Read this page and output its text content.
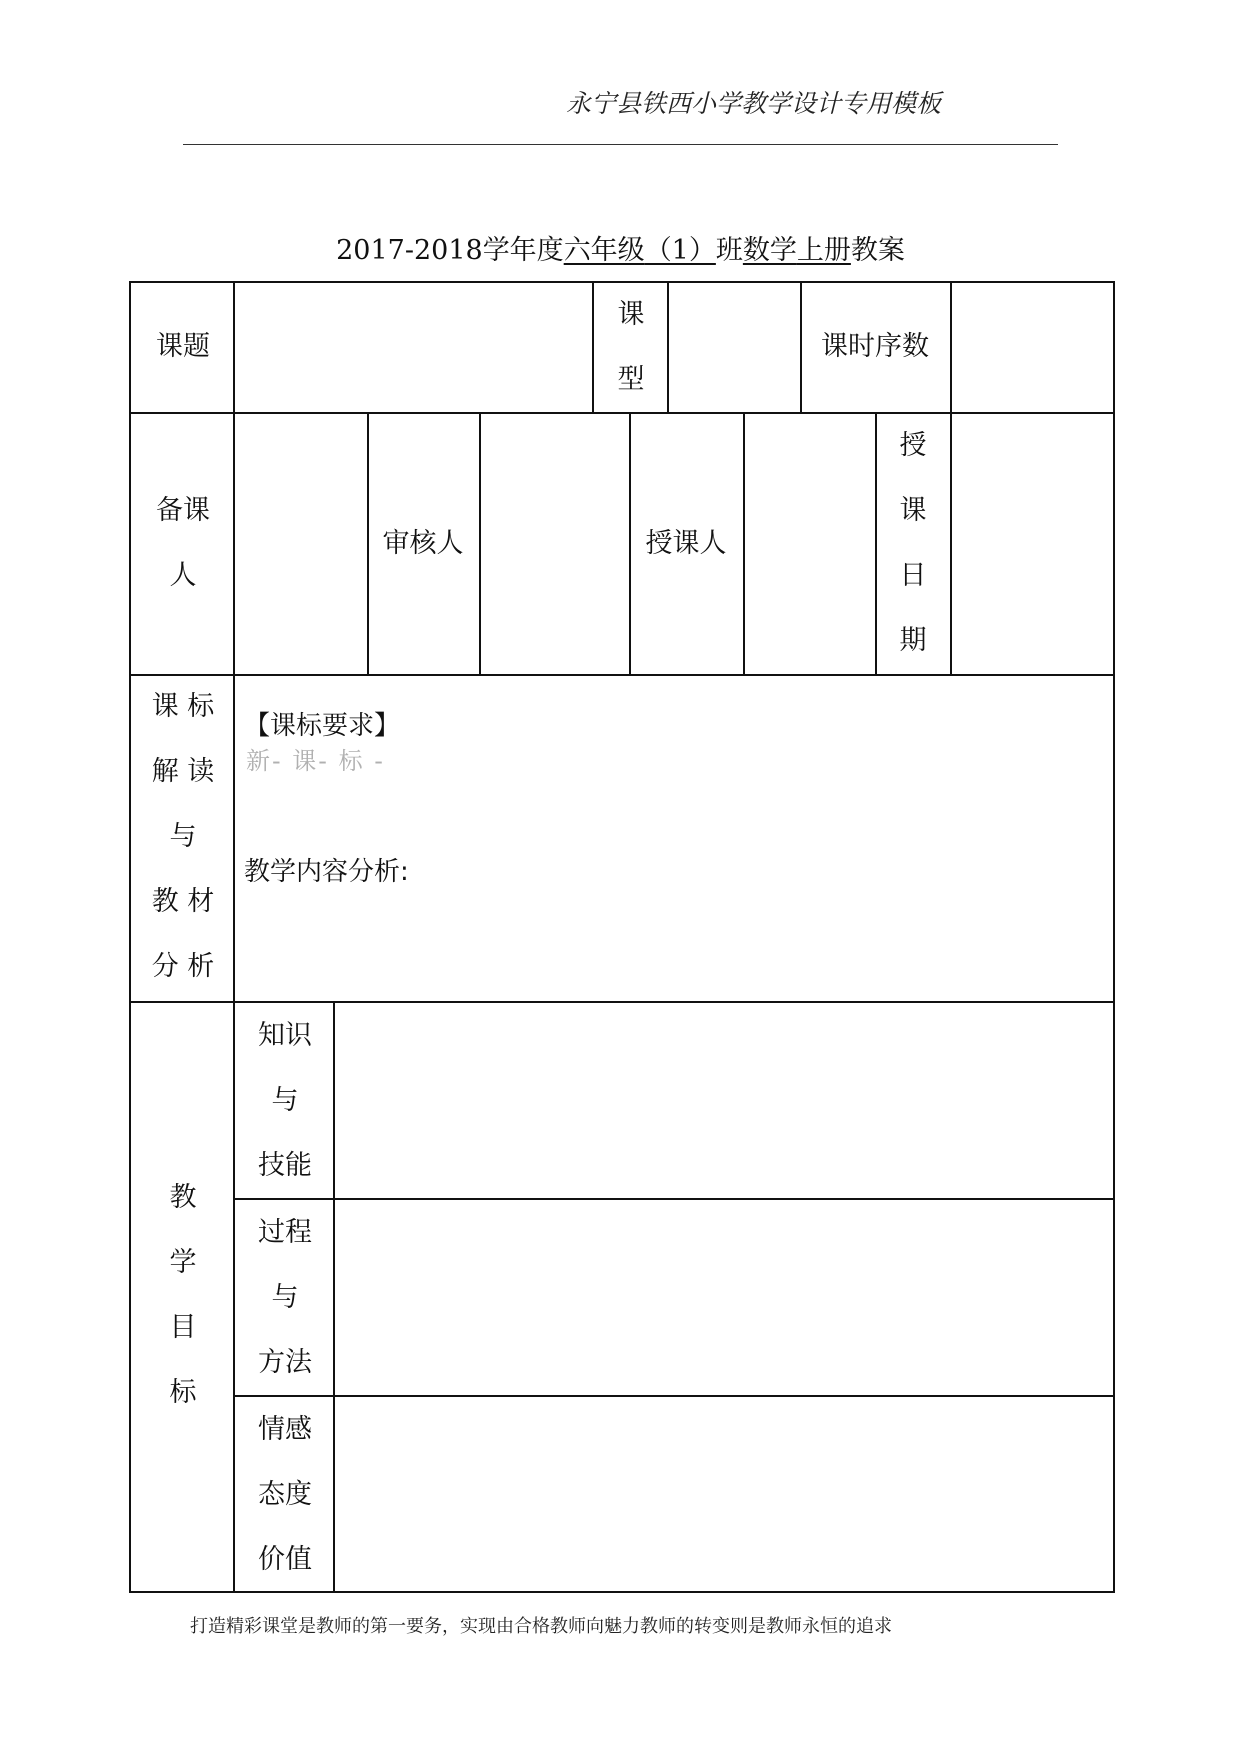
永宁县铁西小学教学设计专用模板
2017-2018学年度六年级（1）班数学上册教案
课题
课
型
课时序数
备课
人
审核人	授课人
授
课
日
期
课 标
解 读
与
教 材
分 析
【课标要求】
新- 课- 标 -
教学内容分析:
教
学
目
标
知识
与
技能
过程
与
方法
情感
态度
价值
打造精彩课堂是教师的第一要务，实现由合格教师向魅力教师的转变则是教师永恒的追求
